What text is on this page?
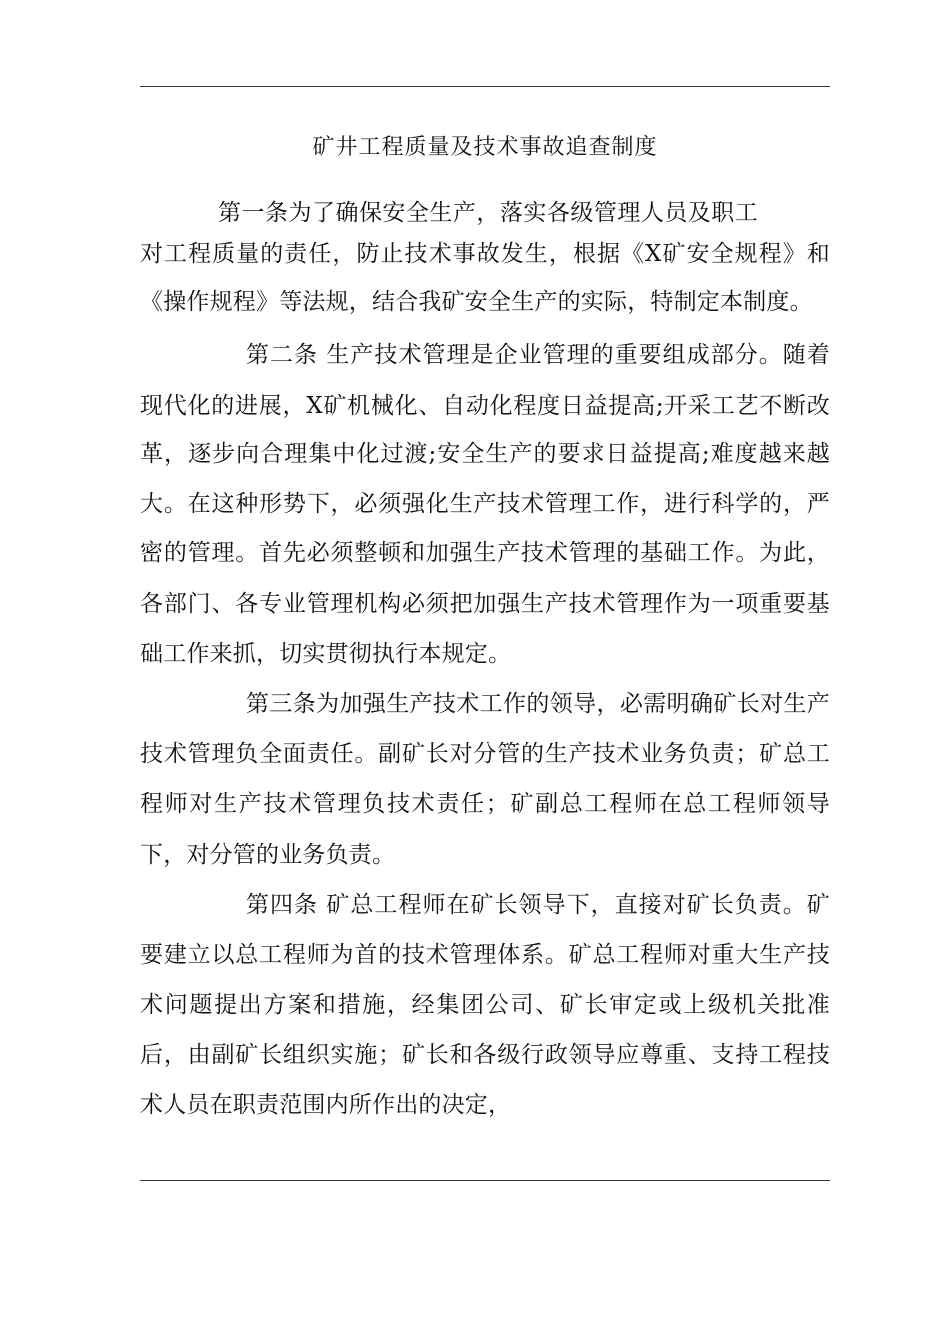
矿井工程质量及技术事故追查制度
第一条为了确保安全生产，落实各级管理人员及职工
对工程质量的责任，防止技术事故发生，根据《X矿安全规程》和
《操作规程》等法规，结合我矿安全生产的实际，特制定本制度。
第二条 生产技术管理是企业管理的重要组成部分。随着
现代化的进展，X矿机械化、自动化程度日益提高;开采工艺不断改
革，逐步向合理集中化过渡;安全生产的要求日益提高;难度越来越
大。在这种形势下，必须强化生产技术管理工作，进行科学的，严
密的管理。首先必须整顿和加强生产技术管理的基础工作。为此，
各部门、各专业管理机构必须把加强生产技术管理作为一项重要基
础工作来抓，切实贯彻执行本规定。
第三条为加强生产技术工作的领导，必需明确矿长对生产
技术管理负全面责任。副矿长对分管的生产技术业务负责；矿总工
程师对生产技术管理负技术责任；矿副总工程师在总工程师领导
下，对分管的业务负责。
第四条 矿总工程师在矿长领导下，直接对矿长负责。矿
要建立以总工程师为首的技术管理体系。矿总工程师对重大生产技
术问题提出方案和措施，经集团公司、矿长审定或上级机关批准
后，由副矿长组织实施；矿长和各级行政领导应尊重、支持工程技
术人员在职责范围内所作出的决定，
